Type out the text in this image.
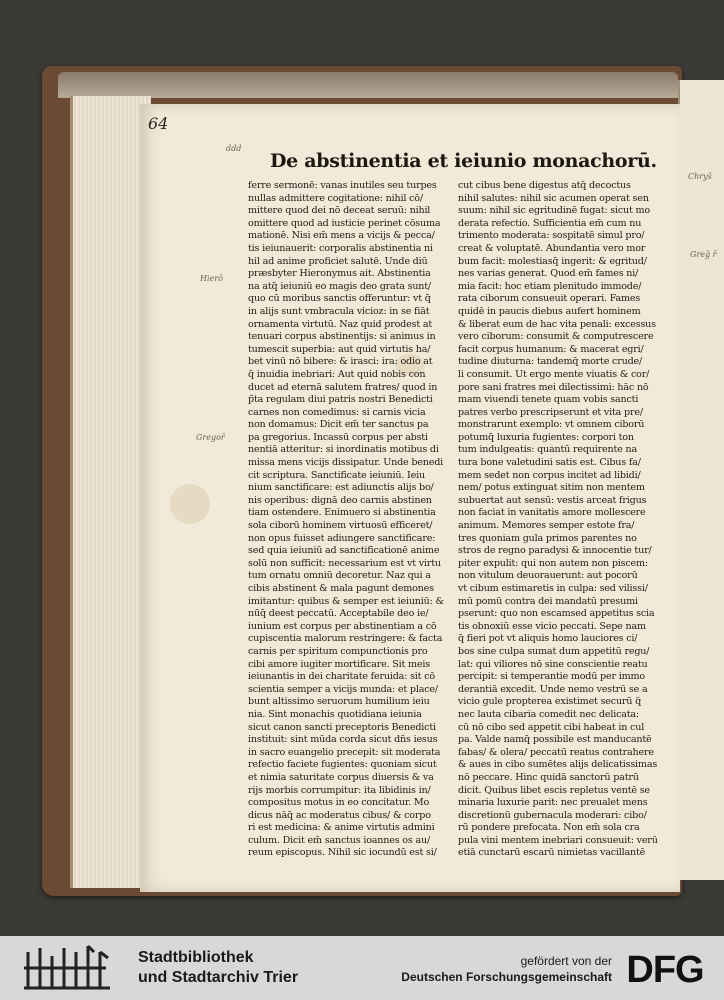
64
ddd
De abstinentia et ieiunio monachorū.
ferre sermonē: vanas inutiles seu turpes
nullas admittere cogitatione: nihil cō/
mittere quod dei nō deceat seruū: nihil
omittere quod ad iusticie perinet cōsuma
mationē. Nisi em̄ mens a vicijs & pecca/
tis ieiunauerit: corporalis abstinentia ni
hil ad anime proficiet salutē. Unde diū
præsbyter Hieronymus ait. Abstinentia
na atq̄ ieiuniū eo magis deo grata sunt/
quo cū moribus sanctis offeruntur: vt q̄
in alijs sunt vmbracula vicioz: in se fiāt
ornamenta virtutū. Naz quid prodest at
tenuari corpus abstinentijs: si animus in
tumescit superbia: aut quid virtutis ha/
bet vinū nō bibere: & irasci: ira: odio at
q̄ inuidia inebriari: Aut quid nobis con
ducet ad eternā salutem fratres/ quod in
p̄ta regulam diui patris nostri Benedicti
carnes non comedimus: si carnis vicia
non domamus: Dicit em̄ ter sanctus pa
pa gregorius. Incassū corpus per absti
nentiā atteritur: si inordinatis motibus di
missa mens vicijs dissipatur. Unde benedi
cit scriptura. Sanctificate ieiuniū. Ieiu
nium sanctificare: est adiunctis alijs bo/
nis operibus: dignā deo carnis abstinen
tiam ostendere. Enimuero si abstinentia
sola ciborū hominem virtuosū efficeret/
non opus fuisset adiungere sanctificare:
sed quia ieiuniū ad sanctificationē anime
solū non sufficit: necessarium est vt virtu
tum ornatu omniū decoretur. Naz qui a
cibis abstinent & mala pagunt demones
imitantur: quibus & semper est ieiuniū: &
nūq̄ deest peccatū. Acceptabile deo ie/
iunium est corpus per abstinentiam a cō
cupiscentia malorum restringere: & facta
carnis per spiritum compunctionis pro
cibi amore iugiter mortificare. Sit meis
ieiunantis in dei charitate feruida: sit cō
scientia semper a vicijs munda: et place/
bunt altissimo seruorum humilium ieiu
nia. Sint monachis quotidiana ieiunia
sicut canon sancti preceptoris Benedicti
instituit: sint mūda corda sicut dn̄s iesus
in sacro euangelio precepit: sit moderata
refectio faciete fugientes: quoniam sicut
et nimia saturitate corpus diuersis & va
rijs morbis corrumpitur: ita libidinis in/
compositus motus in eo concitatur. Mo
dicus nāq̄ ac moderatus cibus/ & corpo
ri est medicina: & anime virtutis admini
culum. Dicit em̄ sanctus ioannes os au/
reum episcopus. Nihil sic iocundū est si/
cut cibus bene digestus atq̄ decoctus
nihil salutes: nihil sic acumen operat sen
suum: nihil sic egritudinē fugat: sicut mo
derata refectio. Sufficientia em̄ cum nu
trimento moderata: sospitatē simul pro/
creat & voluptatē. Abundantia vero mor
bum facit: molestiasq̄ ingerit: & egritud/
nes varias generat. Quod em̄ fames ni/
mia facit: hoc etiam plenitudo immode/
rata ciborum consueuit operari. Fames
quidē in paucis diebus aufert hominem
& liberat eum de hac vita penali: excessus
vero ciborum: consumit & computrescere
facit corpus humanum: & macerat egri/
tudine diuturna: tandemq̄ morte crude/
li consumit. Ut ergo mente viuatis & cor/
pore sani fratres mei dilectissimi: hāc nō
mam viuendi tenete quam vobis sancti
patres verbo prescripserunt et vita pre/
monstrarunt exemplo: vt omnem ciborū
potumq̄ luxuria fugientes: corpori ton
tum indulgeatis: quantū requirente na
tura bone valetudini satis est. Cibus fa/
mem sedet non corpus incitet ad libidi/
nem/ potus extinguat sitim non mentem
subuertat aut sensū: vestis arceat frigus
non faciat in vanitatis amore mollescere
animum. Memores semper estote fra/
tres quoniam gula primos parentes no
stros de regno paradysi & innocentie tur/
piter expulit: qui non autem non piscem:
non vitulum deuorauerunt: aut pocorū
vt cibum estimaretis in culpa: sed vilissi/
mū pomū contra dei mandatū presumi
pserunt: quo non escamsed appetitus scia
tis obnoxiū esse vicio peccati. Sepe nam
q̄ fieri pot vt aliquis homo lauciores ci/
bos sine culpa sumat dum appetitū regu/
lat: qui viliores nō sine conscientie reatu
percipit: si temperantie modū per immo
derantiā excedit. Unde nemo vestrū se a
vicio gule propterea existimet securū q̄
nec lauta cibaria comedit nec delicata:
cū nō cibo sed appetit̄ cibi habeat in cul
pa. Valde namq̄ possibile est manducantē
fabas/ & olera/ peccatū reatus contrahere
& aues in cibo sumētes alijs delicatissimas
nō peccare. Hinc quidā sanctorū patrū
dicit. Quibus libet escis repletus ventē se
minaria luxurie parit: nec preualet mens
discretionū gubernacula moderari: cibo/
rū pondere prefocata. Non em̄ sola cra
pula vini mentem inebriari consueuit: verū
etiā cunctarū escarū nimietas vacillantē
Hierō
Gregor̄
Chrys̄
Greḡ r̄
Stadtbibliothek
und Stadtarchiv Trier
gefördert von der
Deutschen Forschungsgemeinschaft DFG
